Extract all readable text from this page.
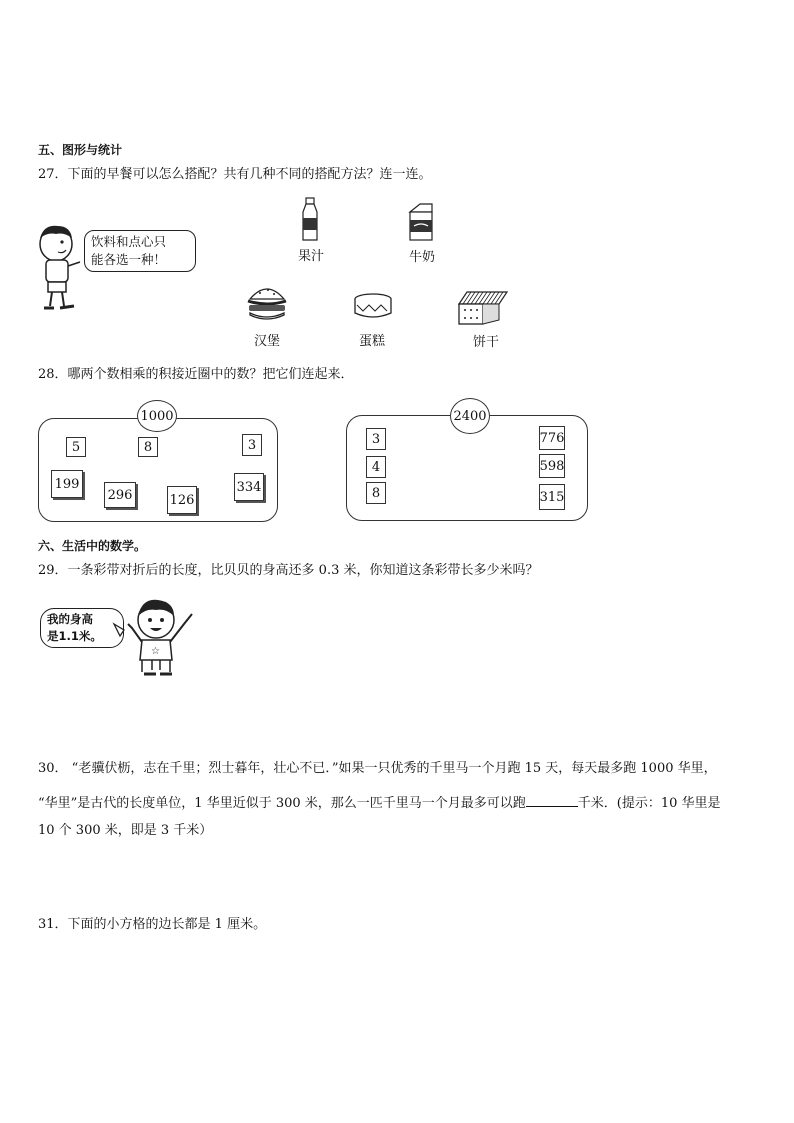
五、图形与统计
27．下面的早餐可以怎么搭配？共有几种不同的搭配方法？连一连。
饮料和点心只
能各选一种！	果汁	牛奶
汉堡	蛋糕	饼干
28．哪两个数相乘的积接近圈中的数？把它们连起来．
1000
5	8	3
199
296	126
334
2400
3
4
8
776
598
315
六、生活中的数学。
29．一条彩带对折后的长度，比贝贝的身高还多 0.3 米，你知道这条彩带长多少米吗？
我的身高
是1.1米。
☆
30． “老骥伏枥，志在千里；烈士暮年，壮心不已．”如果一只优秀的千里马一个月跑 15 天，每天最多跑 1000 华里，
“华里”是古代的长度单位，1 华里近似于 300 米，那么一匹千里马一个月最多可以跑	千米．(提示：10 华里是
10 个 300 米，即是 3 千米）
31．下面的小方格的边长都是 1 厘米。
